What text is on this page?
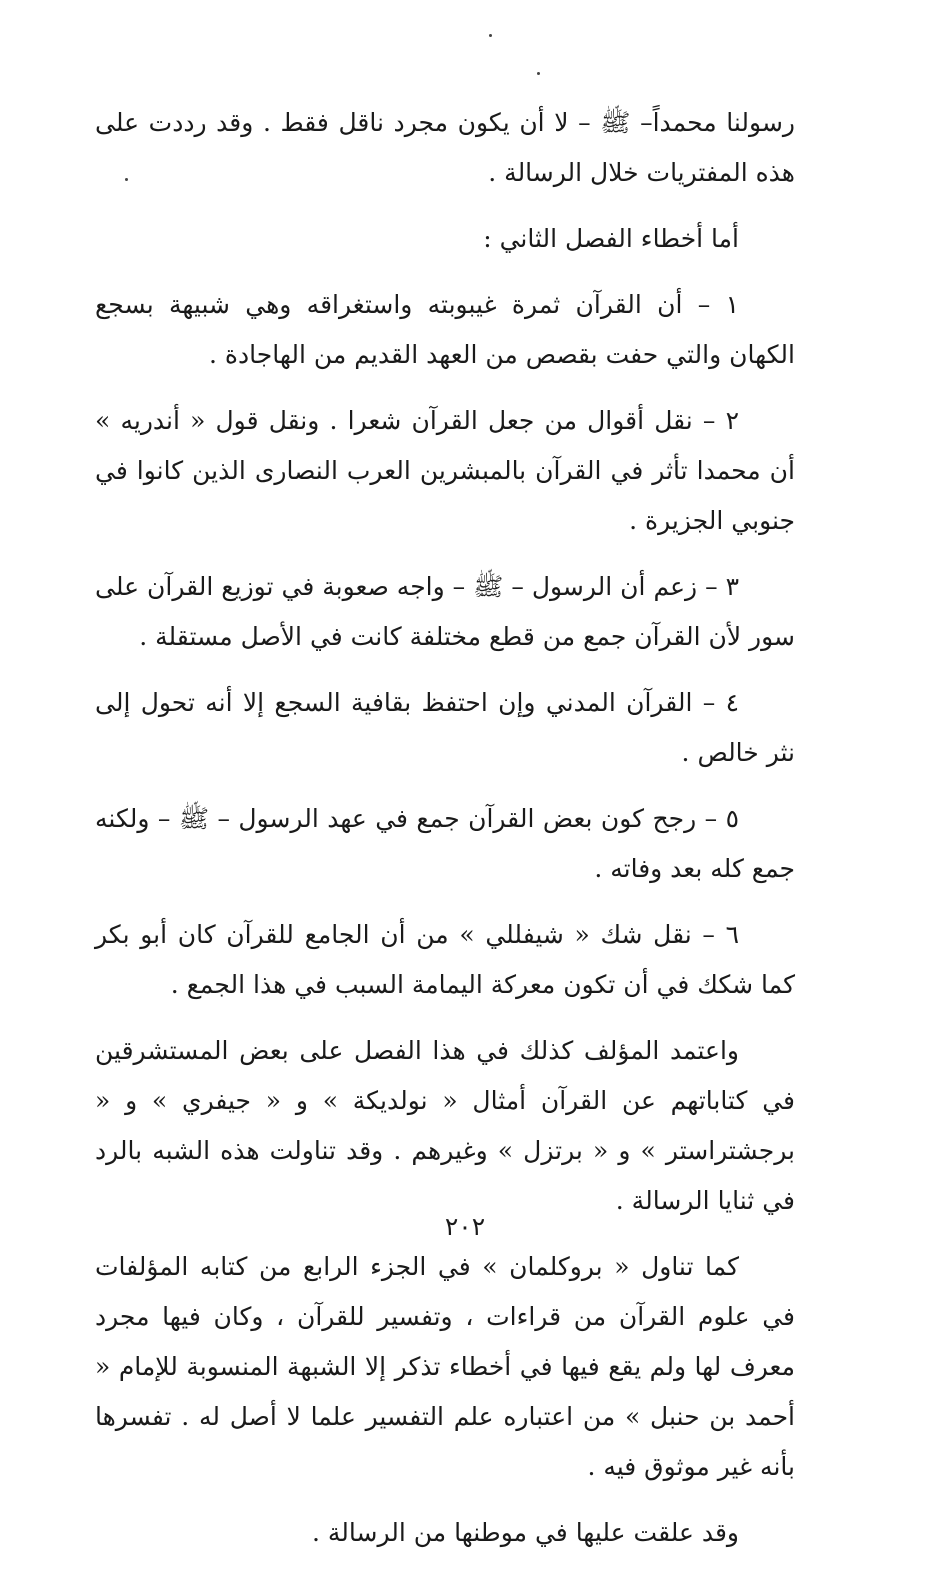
رسولنا محمداً– ﷺ – لا أن يكون مجرد ناقل فقط . وقد رددت على هذه المفتريات خلال الرسالة .

أما أخطاء الفصل الثاني :

١ – أن القرآن ثمرة غيبوبته واستغراقه وهي شبيهة بسجع الكهان والتي حفت بقصص من العهد القديم من الهاجادة .

٢ – نقل أقوال من جعل القرآن شعرا . ونقل قول « أندريه » أن محمدا تأثر في القرآن بالمبشرين العرب النصارى الذين كانوا في جنوبي الجزيرة .

٣ – زعم أن الرسول – ﷺ – واجه صعوبة في توزيع القرآن على سور لأن القرآن جمع من قطع مختلفة كانت في الأصل مستقلة .

٤ – القرآن المدني وإن احتفظ بقافية السجع إلا أنه تحول إلى نثر خالص .

٥ – رجح كون بعض القرآن جمع في عهد الرسول – ﷺ – ولكنه جمع كله بعد وفاته .

٦ – نقل شك « شيفللي » من أن الجامع للقرآن كان أبو بكر كما شكك في أن تكون معركة اليمامة السبب في هذا الجمع .

واعتمد المؤلف كذلك في هذا الفصل على بعض المستشرقين في كتاباتهم عن القرآن أمثال « نولديكة » و « جيفري » و « برجشتراستر » و « برتزل » وغيرهم . وقد تناولت هذه الشبه بالرد في ثنايا الرسالة .

كما تناول « بروكلمان » في الجزء الرابع من كتابه المؤلفات في علوم القرآن من قراءات ، وتفسير للقرآن ، وكان فيها مجرد معرف لها ولم يقع فيها في أخطاء تذكر إلا الشبهة المنسوبة للإمام « أحمد بن حنبل » من اعتباره علم التفسير علما لا أصل له . تفسرها بأنه غير موثوق فيه .

وقد علقت عليها في موطنها من الرسالة .

٢٠٢
